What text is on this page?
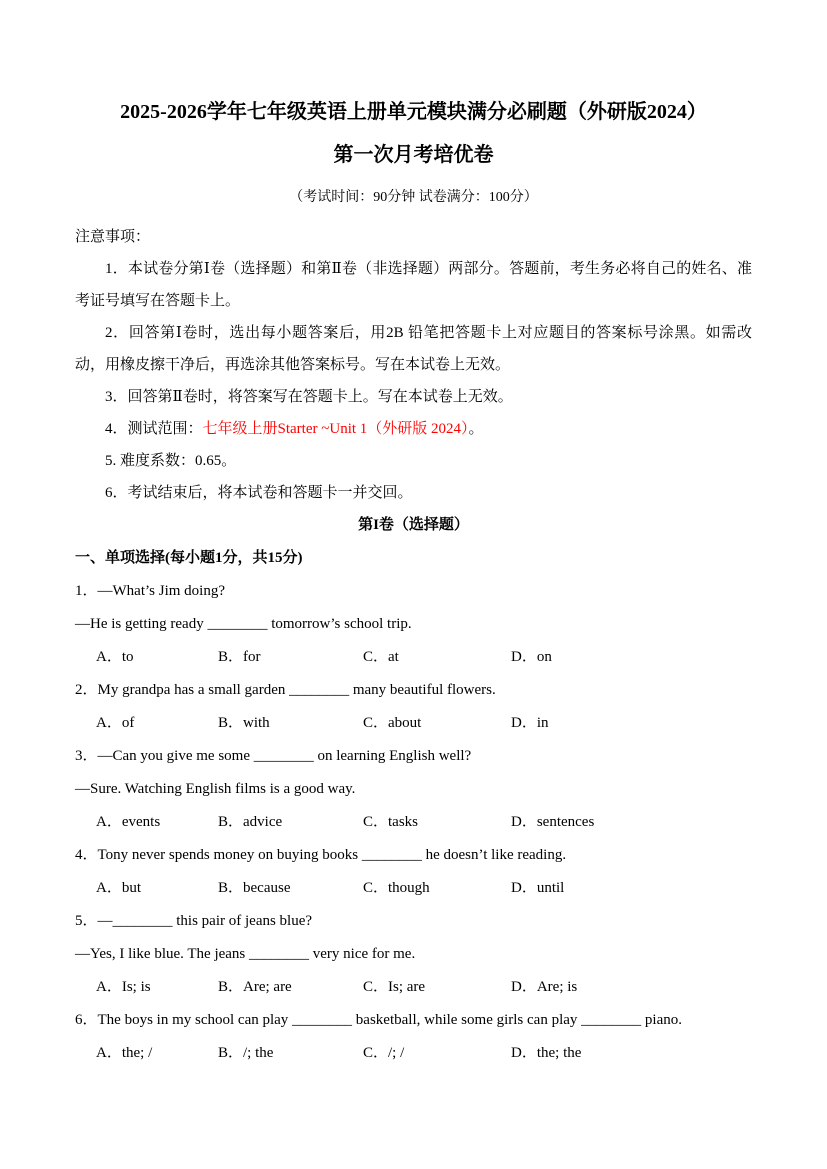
2025-2026学年七年级英语上册单元模块满分必刷题（外研版2024）
第一次月考培优卷
（考试时间：90分钟 试卷满分：100分）
注意事项：

1．本试卷分第Ⅰ卷（选择题）和第Ⅱ卷（非选择题）两部分。答题前，考生务必将自己的姓名、准考证号填写在答题卡上。

2．回答第Ⅰ卷时，选出每小题答案后，用2B 铅笔把答题卡上对应题目的答案标号涂黑。如需改动，用橡皮擦干净后，再选涂其他答案标号。写在本试卷上无效。

3．回答第Ⅱ卷时，将答案写在答题卡上。写在本试卷上无效。

4．测试范围：七年级上册Starter ~Unit 1（外研版 2024）。

5. 难度系数：0.65。

6．考试结束后，将本试卷和答题卡一并交回。

第I卷（选择题）
一、单项选择(每小题1分，共15分)

1．—What’s Jim doing?

—He is getting ready ________ tomorrow’s school trip.

A．to	B．for	C．at	D．on

2．My grandpa has a small garden ________ many beautiful flowers.

A．of	B．with	C．about	D．in

3．—Can you give me some ________ on learning English well?

—Sure. Watching English films is a good way.

A．events	B．advice	C．tasks	D．sentences

4．Tony never spends money on buying books ________ he doesn’t like reading.

A．but	B．because	C．though	D．until

5．—________ this pair of jeans blue?

—Yes, I like blue. The jeans ________ very nice for me.

A．Is; is	B．Are; are	C．Is; are	D．Are; is

6．The boys in my school can play ________ basketball, while some girls can play ________ piano.

A．the; /	B．/; the	C．/; /	D．the; the
